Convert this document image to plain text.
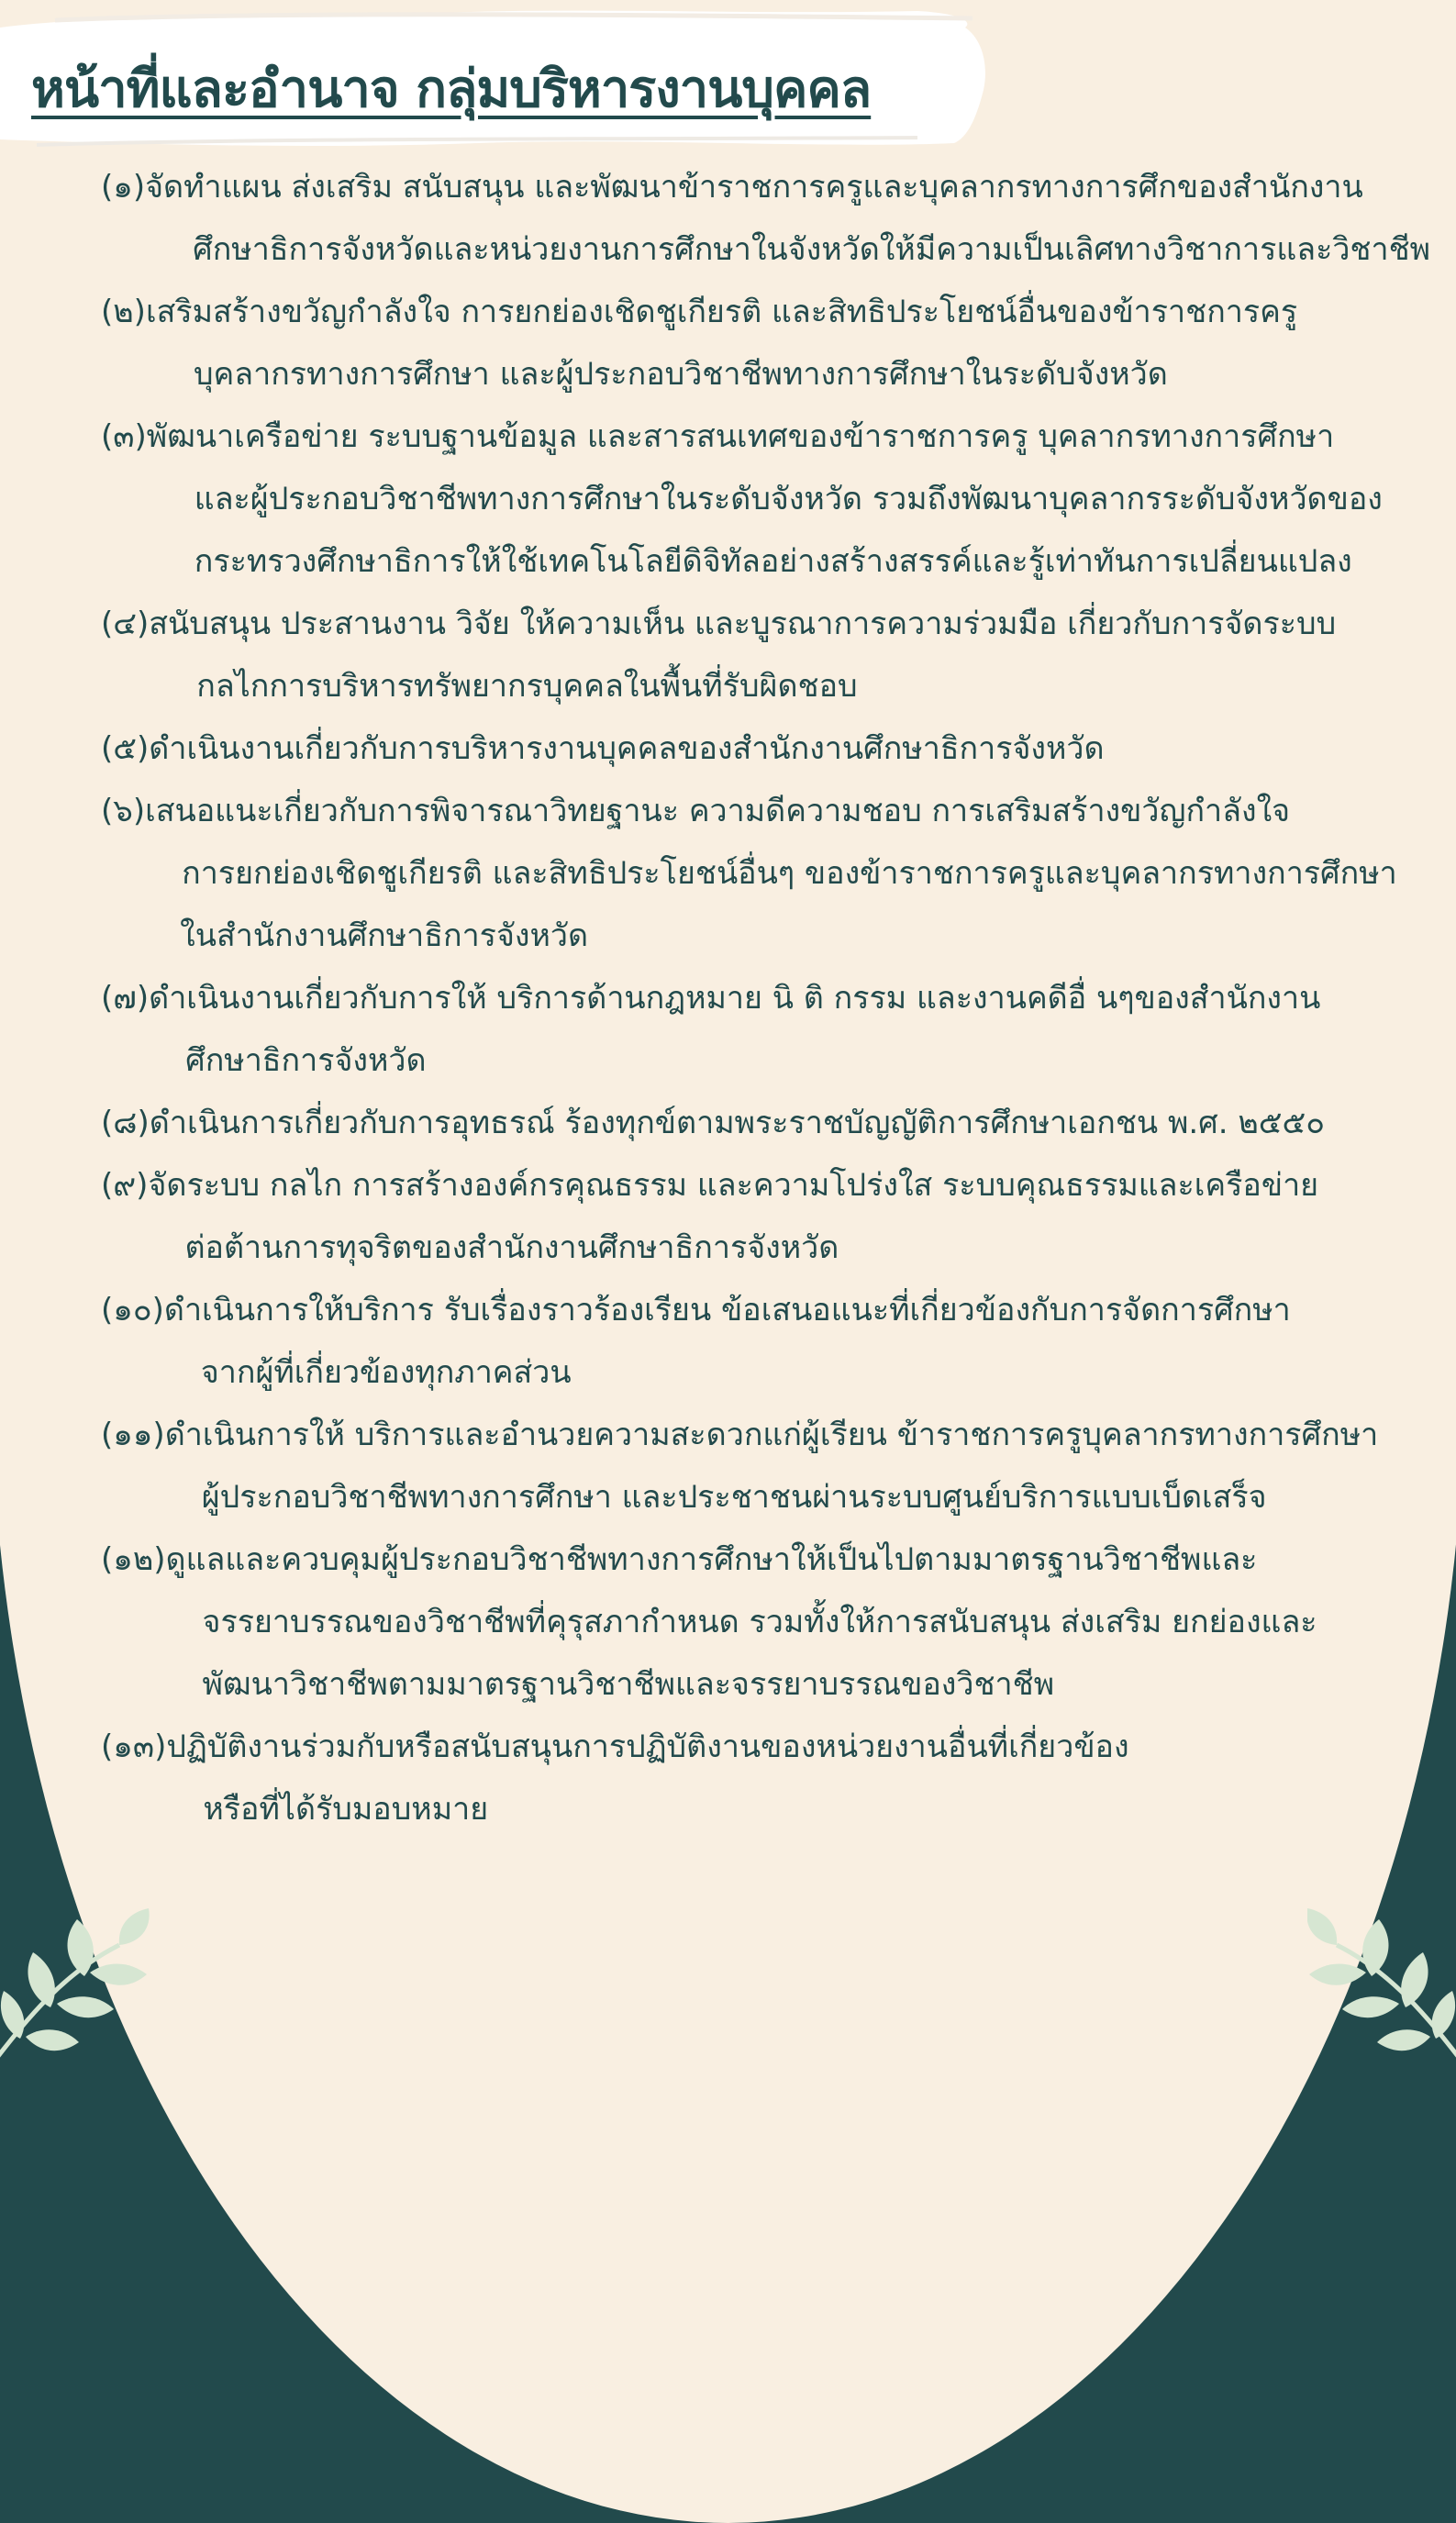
หน้าที่และอำนาจ กลุ่มบริหารงานบุคคล
(๑) จัดทำแผน ส่งเสริม สนับสนุน และพัฒนาข้าราชการครูและบุคลากรทางการศึกของสำนักงาน
ศึกษาธิการจังหวัดและหน่วยงานการศึกษาในจังหวัดให้มีความเป็นเลิศทางวิชาการและวิชาชีพ
(๒) เสริมสร้างขวัญกำลังใจ การยกย่องเชิดชูเกียรติ และสิทธิประโยชน์อื่นของข้าราชการครู
บุคลากรทางการศึกษา และผู้ประกอบวิชาชีพทางการศึกษาในระดับจังหวัด
(๓) พัฒนาเครือข่าย ระบบฐานข้อมูล และสารสนเทศของข้าราชการครู บุคลากรทางการศึกษา
และผู้ประกอบวิชาชีพทางการศึกษาในระดับจังหวัด รวมถึงพัฒนาบุคลากรระดับจังหวัดของ
กระทรวงศึกษาธิการให้ใช้เทคโนโลยีดิจิทัลอย่างสร้างสรรค์และรู้เท่าทันการเปลี่ยนแปลง
(๔) สนับสนุน ประสานงาน วิจัย ให้ความเห็น และบูรณาการความร่วมมือ เกี่ยวกับการจัดระบบ
กลไกการบริหารทรัพยากรบุคคลในพื้นที่รับผิดชอบ
(๕) ดำเนินงานเกี่ยวกับการบริหารงานบุคคลของสำนักงานศึกษาธิการจังหวัด
(๖) เสนอแนะเกี่ยวกับการพิจารณาวิทยฐานะ ความดีความชอบ การเสริมสร้างขวัญกำลังใจ
การยกย่องเชิดชูเกียรติ และสิทธิประโยชน์อื่นๆ ของข้าราชการครูและบุคลากรทางการศึกษา
ในสำนักงานศึกษาธิการจังหวัด
(๗) ดำเนินงานเกี่ยวกับการให้ บริการด้านกฎหมาย นิ ติ กรรม และงานคดีอื่ นๆของสำนักงาน
ศึกษาธิการจังหวัด
(๘) ดำเนินการเกี่ยวกับการอุทธรณ์ ร้องทุกข์ตามพระราชบัญญัติการศึกษาเอกชน พ.ศ. ๒๕๕๐
(๙) จัดระบบ กลไก การสร้างองค์กรคุณธรรม และความโปร่งใส ระบบคุณธรรมและเครือข่าย
ต่อต้านการทุจริตของสำนักงานศึกษาธิการจังหวัด
(๑๐) ดำเนินการให้บริการ รับเรื่องราวร้องเรียน ข้อเสนอแนะที่เกี่ยวข้องกับการจัดการศึกษา
จากผู้ที่เกี่ยวข้องทุกภาคส่วน
(๑๑) ดำเนินการให้ บริการและอำนวยความสะดวกแก่ผู้เรียน ข้าราชการครูบุคลากรทางการศึกษา
ผู้ประกอบวิชาชีพทางการศึกษา และประชาชนผ่านระบบศูนย์บริการแบบเบ็ดเสร็จ
(๑๒) ดูแลและควบคุมผู้ประกอบวิชาชีพทางการศึกษาให้เป็นไปตามมาตรฐานวิชาชีพและ
จรรยาบรรณของวิชาชีพที่คุรุสภากำหนด รวมทั้งให้การสนับสนุน ส่งเสริม ยกย่องและ
พัฒนาวิชาชีพตามมาตรฐานวิชาชีพและจรรยาบรรณของวิชาชีพ
(๑๓) ปฏิบัติงานร่วมกับหรือสนับสนุนการปฏิบัติงานของหน่วยงานอื่นที่เกี่ยวข้อง
หรือที่ได้รับมอบหมาย
